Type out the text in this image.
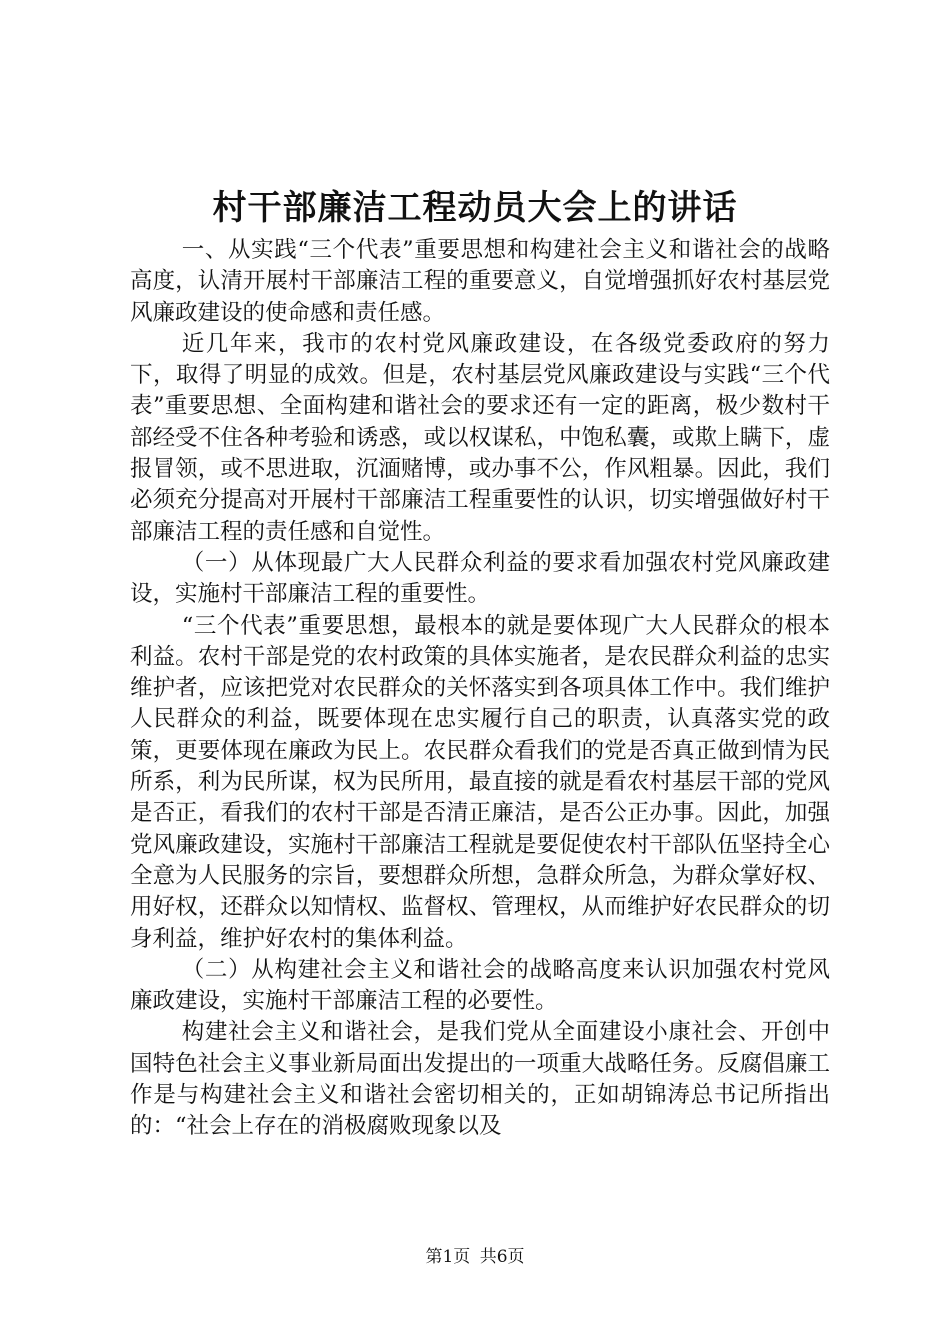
村干部廉洁工程动员大会上的讲话

一、从实践“三个代表”重要思想和构建社会主义和谐社会的战略高度，认清开展村干部廉洁工程的重要意义，自觉增强抓好农村基层党风廉政建设的使命感和责任感。

近几年来，我市的农村党风廉政建设，在各级党委政府的努力下，取得了明显的成效。但是，农村基层党风廉政建设与实践“三个代表”重要思想、全面构建和谐社会的要求还有一定的距离，极少数村干部经受不住各种考验和诱惑，或以权谋私，中饱私囊，或欺上瞒下，虚报冒领，或不思进取，沉湎赌博，或办事不公，作风粗暴。因此，我们必须充分提高对开展村干部廉洁工程重要性的认识，切实增强做好村干部廉洁工程的责任感和自觉性。

（一）从体现最广大人民群众利益的要求看加强农村党风廉政建设，实施村干部廉洁工程的重要性。

“三个代表”重要思想，最根本的就是要体现广大人民群众的根本利益。农村干部是党的农村政策的具体实施者，是农民群众利益的忠实维护者，应该把党对农民群众的关怀落实到各项具体工作中。我们维护人民群众的利益，既要体现在忠实履行自己的职责，认真落实党的政策，更要体现在廉政为民上。农民群众看我们的党是否真正做到情为民所系，利为民所谋，权为民所用，最直接的就是看农村基层干部的党风是否正，看我们的农村干部是否清正廉洁，是否公正办事。因此，加强党风廉政建设，实施村干部廉洁工程就是要促使农村干部队伍坚持全心全意为人民服务的宗旨，要想群众所想，急群众所急，为群众掌好权、用好权，还群众以知情权、监督权、管理权，从而维护好农民群众的切身利益，维护好农村的集体利益。

（二）从构建社会主义和谐社会的战略高度来认识加强农村党风廉政建设，实施村干部廉洁工程的必要性。

构建社会主义和谐社会，是我们党从全面建设小康社会、开创中国特色社会主义事业新局面出发提出的一项重大战略任务。反腐倡廉工作是与构建社会主义和谐社会密切相关的，正如胡锦涛总书记所指出的：“社会上存在的消极腐败现象以及

第1页 共6页
